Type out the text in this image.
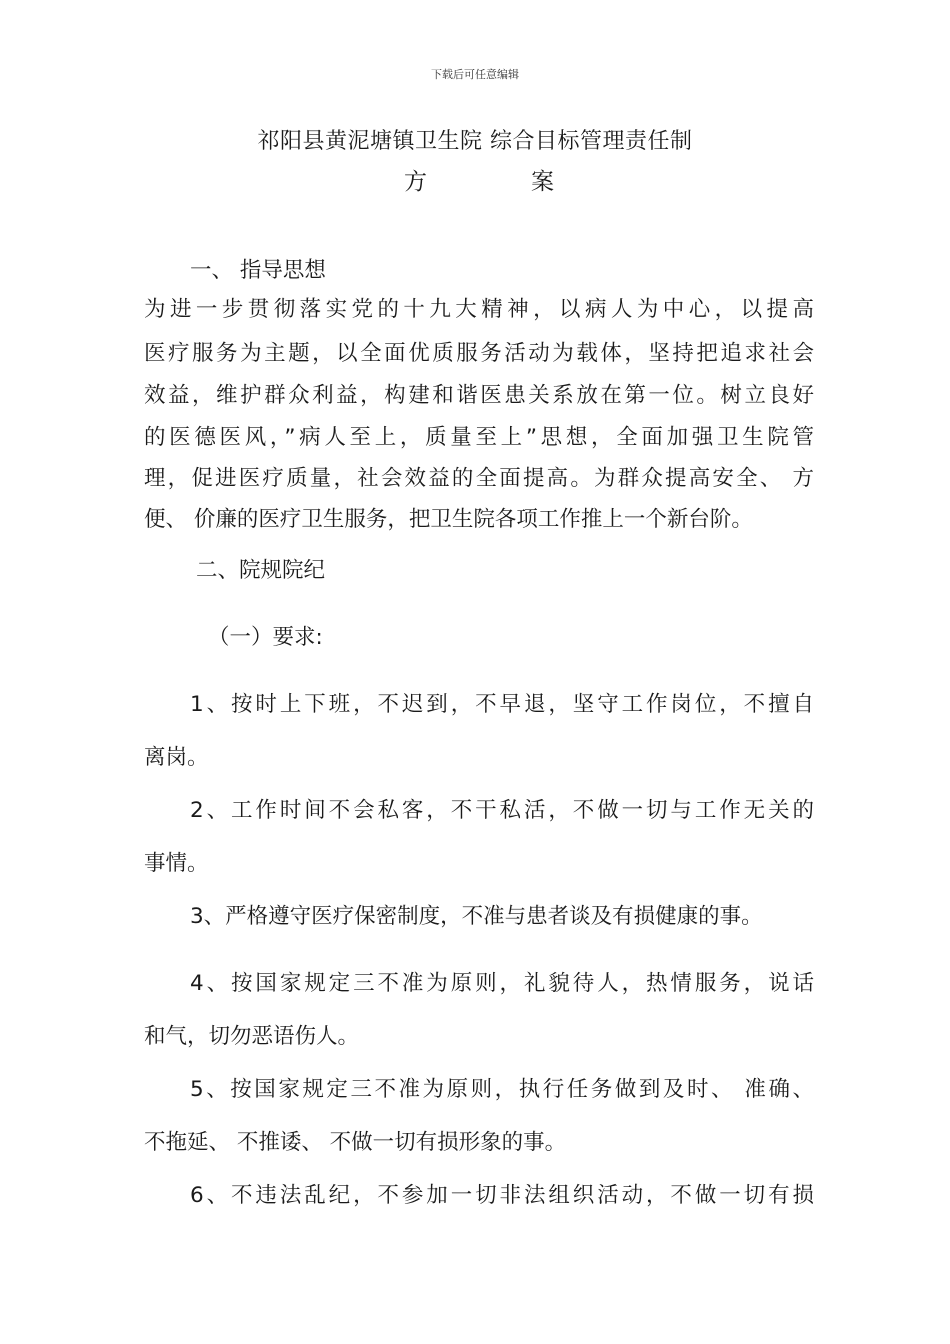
下载后可任意编辑
祁阳县黄泥塘镇卫生院 综合目标管理责任制
方	案
一、 指导思想
为进一步贯彻落实党的十九大精神，以病人为中心，以提高
医疗服务为主题，以全面优质服务活动为载体，坚持把追求社会
效益，维护群众利益，构建和谐医患关系放在第一位。树立良好
的医德医风，”病人至上，质量至上”思想，全面加强卫生院管
理，促进医疗质量，社会效益的全面提高。为群众提高安全、 方
便、 价廉的医疗卫生服务，把卫生院各项工作推上一个新台阶。
二、院规院纪
（一）要求:
1、按时上下班，不迟到，不早退，坚守工作岗位，不擅自
离岗。
2、工作时间不会私客，不干私活，不做一切与工作无关的
事情。
3、严格遵守医疗保密制度，不准与患者谈及有损健康的事。
4、按国家规定三不准为原则，礼貌待人，热情服务，说话
和气，切勿恶语伤人。
5、按国家规定三不准为原则，执行任务做到及时、 准确、
不拖延、 不推诿、 不做一切有损形象的事。
6、不违法乱纪，不参加一切非法组织活动，不做一切有损
